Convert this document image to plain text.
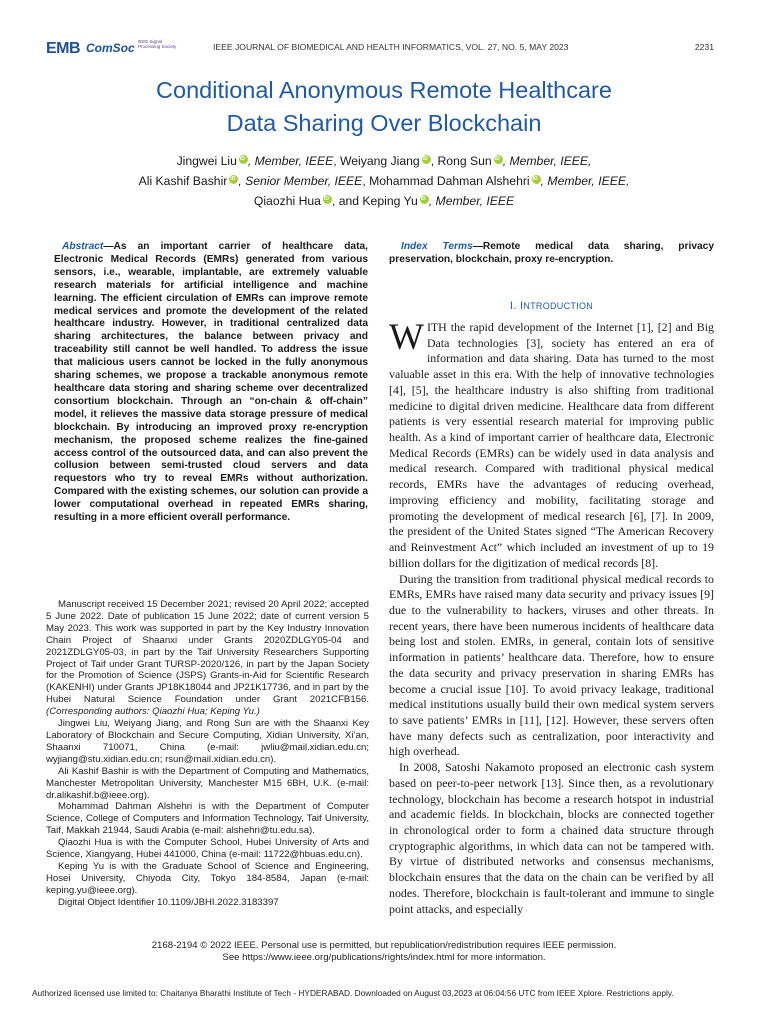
EMB ComSoc IEEE Signal Processing Society	IEEE JOURNAL OF BIOMEDICAL AND HEALTH INFORMATICS, VOL. 27, NO. 5, MAY 2023	2231
Conditional Anonymous Remote Healthcare
Data Sharing Over Blockchain
Jingwei Liu iD , Member, IEEE, Weiyang Jiang iD , Rong Sun iD , Member, IEEE,
Ali Kashif Bashir iD , Senior Member, IEEE, Mohammad Dahman Alshehri iD , Member, IEEE,
Qiaozhi Hua iD , and Keping Yu iD , Member, IEEE
Abstract—As an important carrier of healthcare data, Electronic Medical Records (EMRs) generated from various sensors, i.e., wearable, implantable, are extremely valuable research materials for artificial intelligence and machine learning. The efficient circulation of EMRs can improve remote medical services and promote the development of the related healthcare industry. However, in traditional centralized data sharing architectures, the balance between privacy and traceability still cannot be well handled. To address the issue that malicious users cannot be locked in the fully anonymous sharing schemes, we propose a trackable anonymous remote healthcare data storing and sharing scheme over decentralized consortium blockchain. Through an “on-chain & off-chain” model, it relieves the massive data storage pressure of medical blockchain. By introducing an improved proxy re-encryption mechanism, the proposed scheme realizes the fine-gained access control of the outsourced data, and can also prevent the collusion between semi-trusted cloud servers and data requestors who try to reveal EMRs without authorization. Compared with the existing schemes, our solution can provide a lower computational overhead in repeated EMRs sharing, resulting in a more efficient overall performance.

Manuscript received 15 December 2021; revised 20 April 2022; accepted 5 June 2022. Date of publication 15 June 2022; date of current version 5 May 2023. This work was supported in part by the Key Industry Innovation Chain Project of Shaanxi under Grants 2020ZDLGY05-04 and 2021ZDLGY05-03, in part by the Taif University Researchers Supporting Project of Taif under Grant TURSP-2020/126, in part by the Japan Society for the Promotion of Science (JSPS) Grants-in-Aid for Scientific Research (KAKENHI) under Grants JP18K18044 and JP21K17736, and in part by the Hubei Natural Science Foundation under Grant 2021CFB156. (Corresponding authors: Qiaozhi Hua; Keping Yu.)

Jingwei Liu, Weiyang Jiang, and Rong Sun are with the Shaanxi Key Laboratory of Blockchain and Secure Computing, Xidian University, Xi’an, Shaanxi 710071, China (e-mail: jwliu@mail.xidian.edu.cn; wyjiang@stu.xidian.edu.cn; rsun@mail.xidian.edu.cn).

Ali Kashif Bashir is with the Department of Computing and Mathematics, Manchester Metropolitan University, Manchester M15 6BH, U.K. (e-mail: dr.alikashif.b@ieee.org).

Mohammad Dahman Alshehri is with the Department of Computer Science, College of Computers and Information Technology, Taif University, Taif, Makkah 21944, Saudi Arabia (e-mail: alshehri@tu.edu.sa).

Qiaozhi Hua is with the Computer School, Hubei University of Arts and Science, Xiangyang, Hubei 441000, China (e-mail: 11722@hbuas.edu.cn).

Keping Yu is with the Graduate School of Science and Engineering, Hosei University, Chiyoda City, Tokyo 184-8584, Japan (e-mail: keping.yu@ieee.org).

Digital Object Identifier 10.1109/JBHI.2022.3183397

Index Terms—Remote medical data sharing, privacy preservation, blockchain, proxy re-encryption.
I. INTRODUCTION

WITH the rapid development of the Internet [1], [2] and Big Data technologies [3], society has entered an era of information and data sharing. Data has turned to the most valuable asset in this era. With the help of innovative technologies [4], [5], the healthcare industry is also shifting from traditional medicine to digital driven medicine. Healthcare data from different patients is very essential research material for improving public health. As a kind of important carrier of healthcare data, Electronic Medical Records (EMRs) can be widely used in data analysis and medical research. Compared with traditional physical medical records, EMRs have the advantages of reducing overhead, improving efficiency and mobility, facilitating storage and promoting the development of medical research [6], [7]. In 2009, the president of the United States signed “The American Recovery and Reinvestment Act” which included an investment of up to 19 billion dollars for the digitization of medical records [8].

During the transition from traditional physical medical records to EMRs, EMRs have raised many data security and privacy issues [9] due to the vulnerability to hackers, viruses and other threats. In recent years, there have been numerous incidents of healthcare data being lost and stolen. EMRs, in general, contain lots of sensitive information in patients’ healthcare data. Therefore, how to ensure the data security and privacy preservation in sharing EMRs has become a crucial issue [10]. To avoid privacy leakage, traditional medical institutions usually build their own medical system servers to save patients’ EMRs in [11], [12]. However, these servers often have many defects such as centralization, poor interactivity and high overhead.

In 2008, Satoshi Nakamoto proposed an electronic cash system based on peer-to-peer network [13]. Since then, as a revolutionary technology, blockchain has become a research hotspot in industrial and academic fields. In blockchain, blocks are connected together in chronological order to form a chained data structure through cryptographic algorithms, in which data can not be tampered with. By virtue of distributed networks and consensus mechanisms, blockchain ensures that the data on the chain can be verified by all nodes. Therefore, blockchain is fault-tolerant and immune to single point attacks, and especially

2168-2194 © 2022 IEEE. Personal use is permitted, but republication/redistribution requires IEEE permission.
See https://www.ieee.org/publications/rights/index.html for more information.
Authorized licensed use limited to: Chaitanya Bharathi Institute of Tech - HYDERABAD. Downloaded on August 03,2023 at 06:04:56 UTC from IEEE Xplore. Restrictions apply.
